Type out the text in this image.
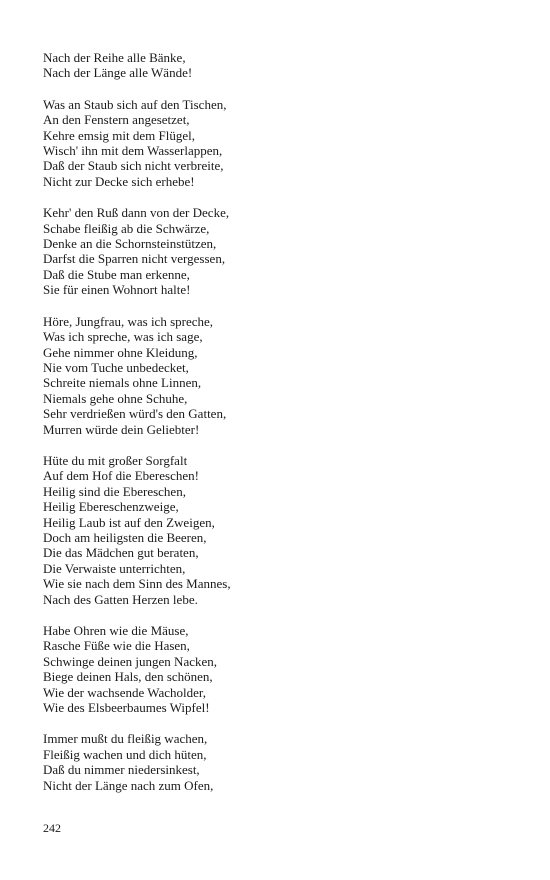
Nach der Reihe alle Bänke,
Nach der Länge alle Wände!
Was an Staub sich auf den Tischen,
An den Fenstern angesetzet,
Kehre emsig mit dem Flügel,
Wisch' ihn mit dem Wasserlappen,
Daß der Staub sich nicht verbreite,
Nicht zur Decke sich erhebe!
Kehr' den Ruß dann von der Decke,
Schabe fleißig ab die Schwärze,
Denke an die Schornsteinstützen,
Darfst die Sparren nicht vergessen,
Daß die Stube man erkenne,
Sie für einen Wohnort halte!
Höre, Jungfrau, was ich spreche,
Was ich spreche, was ich sage,
Gehe nimmer ohne Kleidung,
Nie vom Tuche unbedecket,
Schreite niemals ohne Linnen,
Niemals gehe ohne Schuhe,
Sehr verdrießen würd's den Gatten,
Murren würde dein Geliebter!
Hüte du mit großer Sorgfalt
Auf dem Hof die Ebereschen!
Heilig sind die Ebereschen,
Heilig Ebereschenzweige,
Heilig Laub ist auf den Zweigen,
Doch am heiligsten die Beeren,
Die das Mädchen gut beraten,
Die Verwaiste unterrichten,
Wie sie nach dem Sinn des Mannes,
Nach des Gatten Herzen lebe.
Habe Ohren wie die Mäuse,
Rasche Füße wie die Hasen,
Schwinge deinen jungen Nacken,
Biege deinen Hals, den schönen,
Wie der wachsende Wacholder,
Wie des Elsbeerbaumes Wipfel!
Immer mußt du fleißig wachen,
Fleißig wachen und dich hüten,
Daß du nimmer niedersinkest,
Nicht der Länge nach zum Ofen,
242
